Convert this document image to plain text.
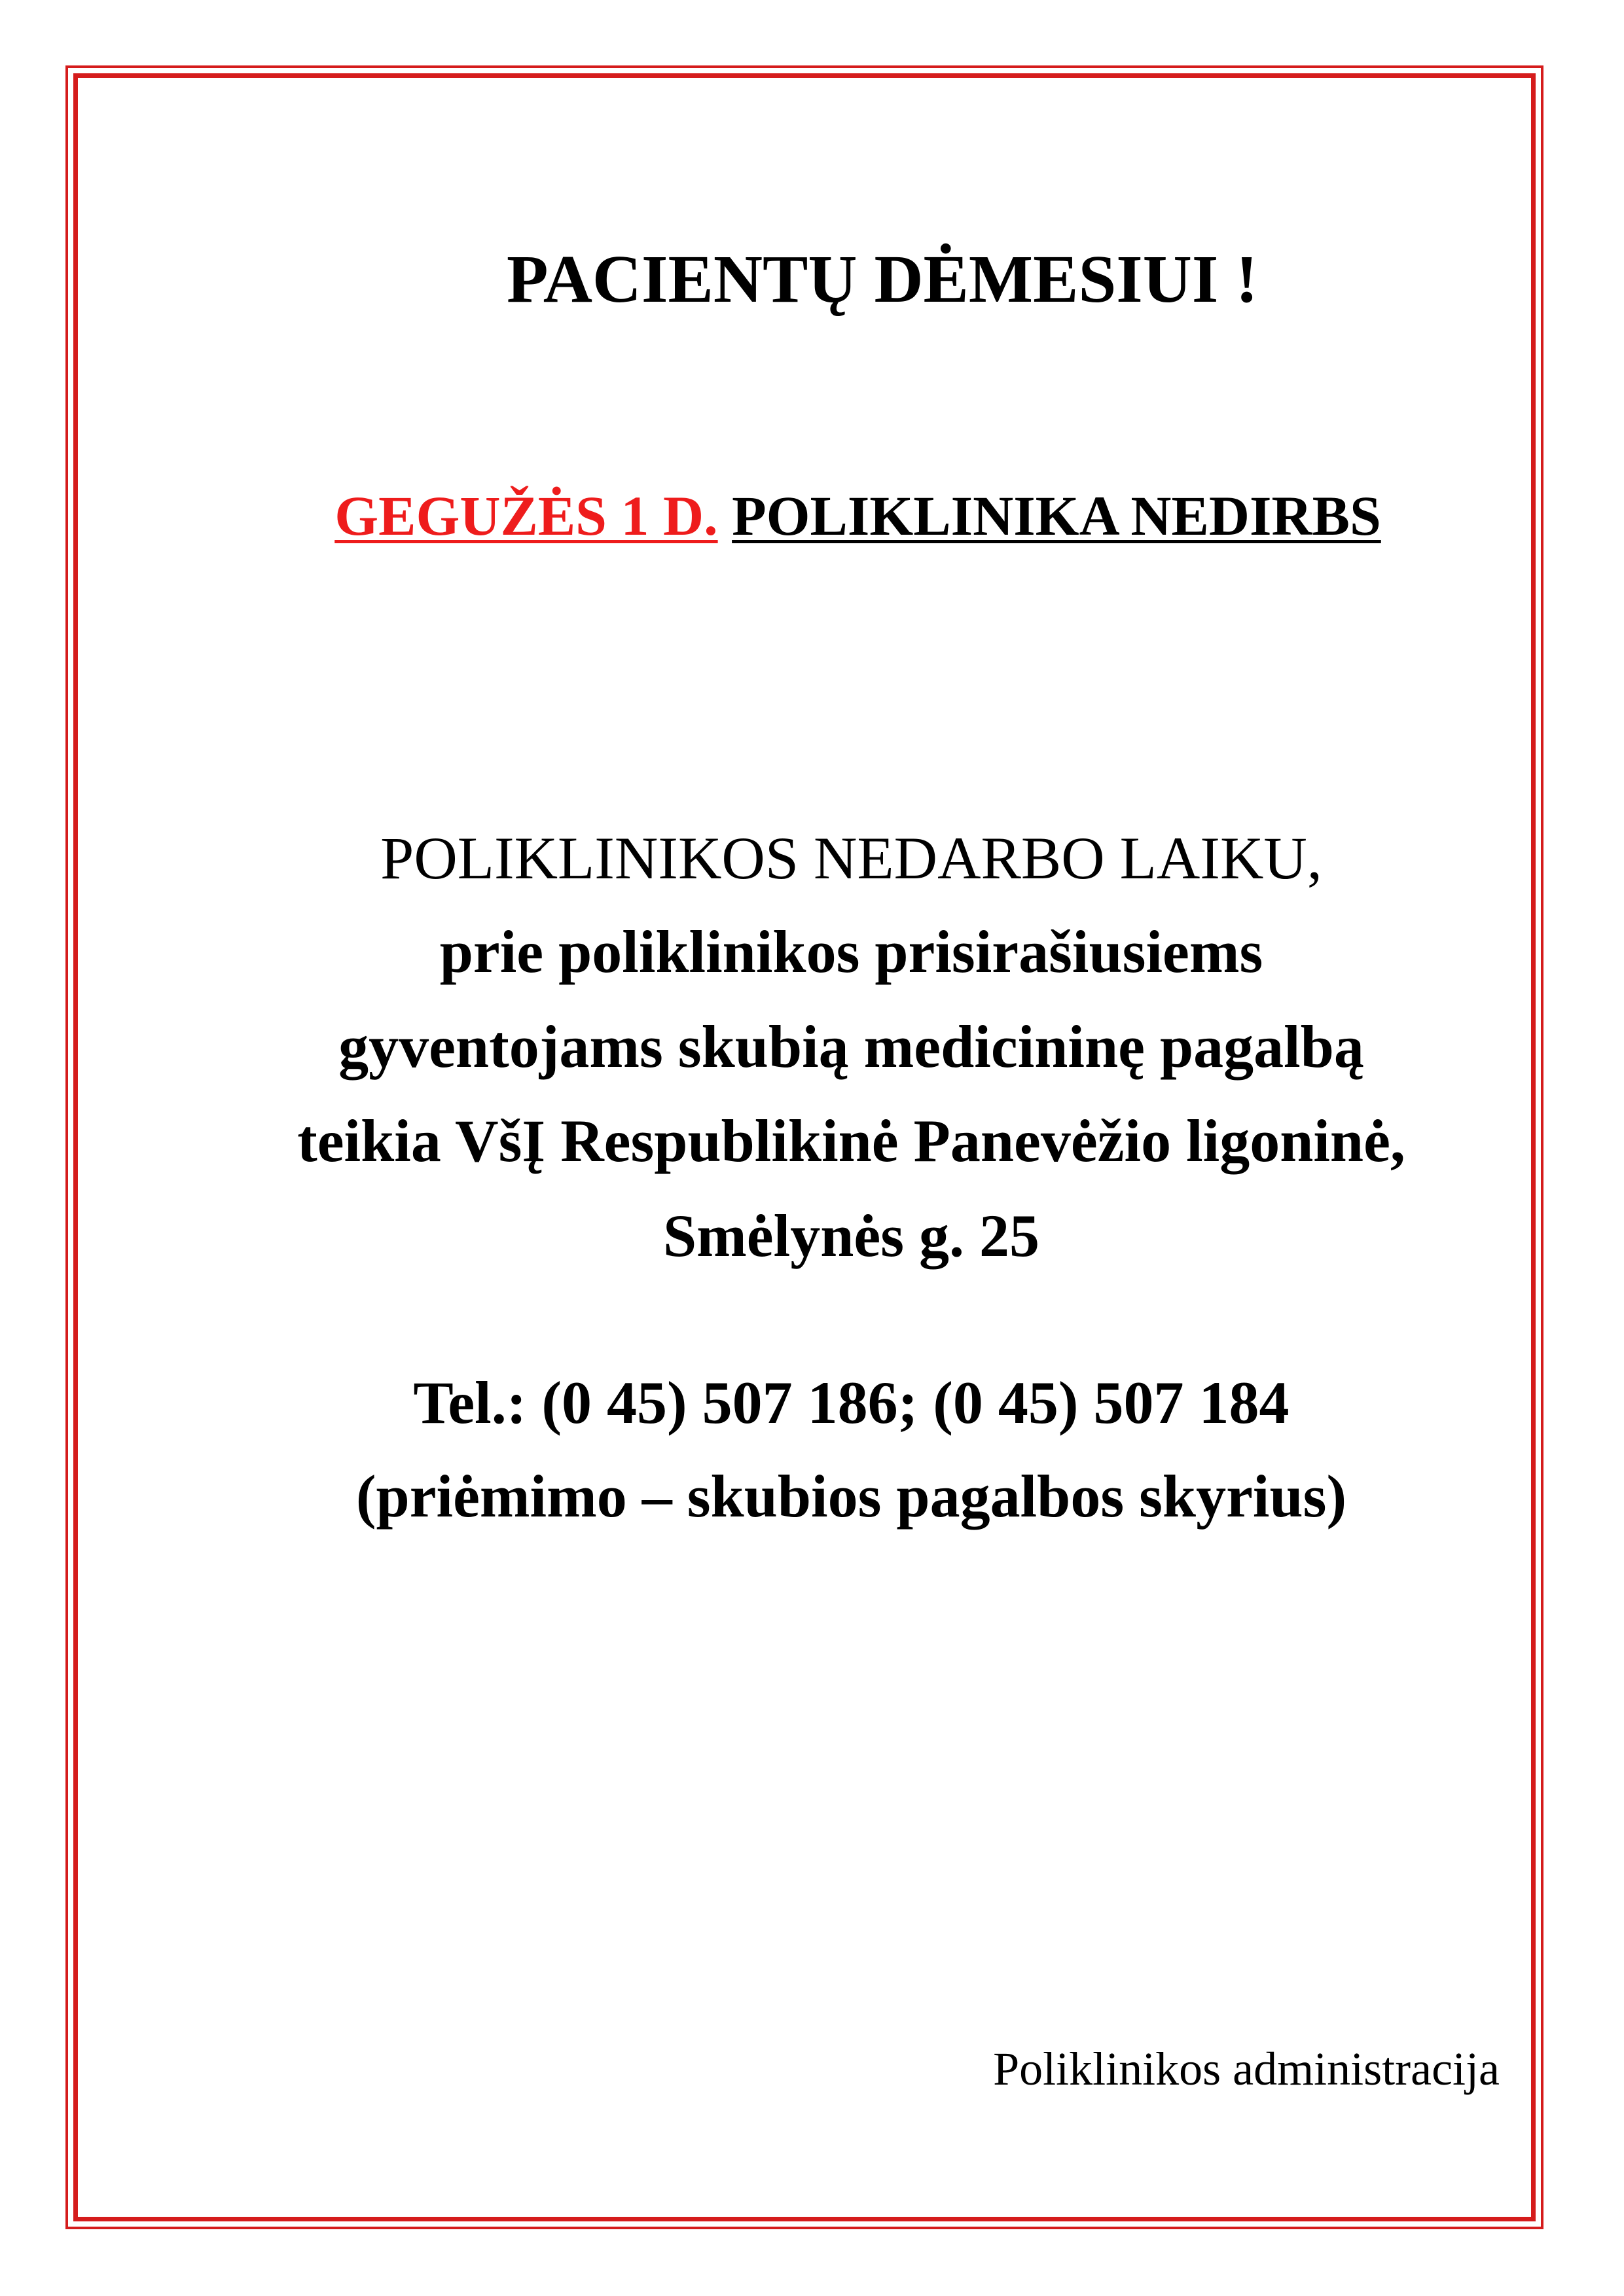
PACIENTŲ DĖMESIUI !
GEGUŽĖS 1 D. POLIKLINIKA NEDIRBS
POLIKLINIKOS NEDARBO LAIKU,
prie poliklinikos prisirašiusiems
gyventojams skubią medicininę pagalbą
teikia VšĮ Respublikinė Panevėžio ligoninė,
Smėlynės g. 25
Tel.: (0 45) 507 186; (0 45) 507 184
(priėmimo – skubios pagalbos skyrius)
Poliklinikos administracija
